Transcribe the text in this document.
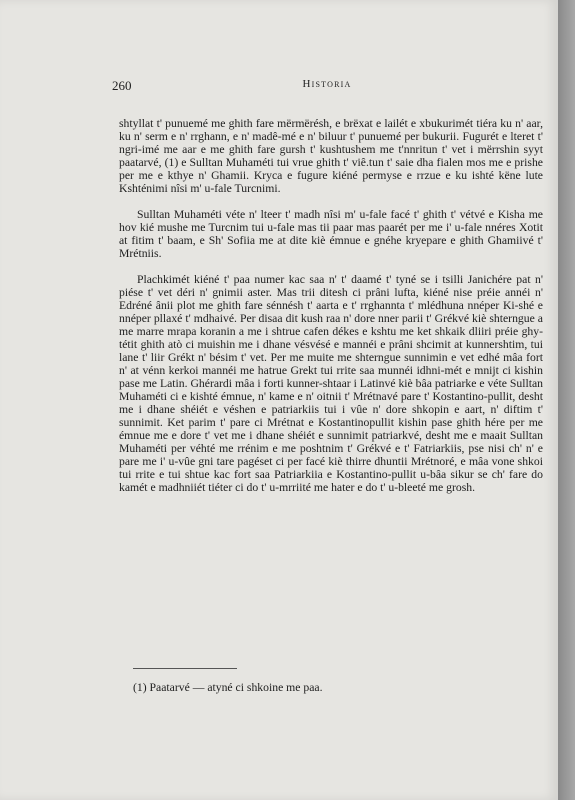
260	Historia

shtyllat t' punuemé me ghith fare mërmërésh, e brëxat e lailét e xbukurimét tiéra ku n' aar, ku n' serm e n' rrghann, e n' madê-mé e n' biluur t' punuemé per bukurii. Fugurét e lteret t' ngri-imé me aar e me ghith fare gursh t' kushtushem me t'nnritun t' vet i mërrshin syyt paatarvé, (1) e Sulltan Muhaméti tui vrue ghith t' viê.tun t' saie dha fialen mos me e prishe per me e kthye n' Ghamii. Kryca e fugure kiéné permyse e rrzue e ku ishté këne lute Kshténimi nîsi m' u-fale Turcnimi.

Sulltan Muhaméti véte n' lteer t' madh nîsi m' u-fale facé t' ghith t' vétvé e Kisha me hov kié mushe me Turcnim tui u-fale mas tii paar mas paarét per me i' u-fale nnéres Xotit at fitim t' baam, e Sh' Sofiia me at dite kiè émnue e gnéhe kryepare e ghith Ghamiivé t' Mrétniis.

Plachkimét kiéné t' paa numer kac saa n' t' daamé t' tyné se i tsilli Janichére pat n' piése t' vet déri n' gnimii aster. Mas trii ditesh ci prâni lufta, kiéné nise préie annéi n' Edréné ânii plot me ghith fare sénnésh t' aarta e t' rrghannta t' mlédhuna nnéper Ki-shé e nnéper pllaxé t' mdhaivé. Per disaa dit kush raa n' dore nner parii t' Grékvé kiè shterngue a me marre mrapa koranin a me i shtrue cafen dékes e kshtu me ket shkaik dliiri préie ghy-tétit ghith atò ci muishin me i dhane vésvésé e mannéi e prâni shcimit at kunnershtim, tui lane t' liir Grékt n' bésim t' vet. Per me muite me shterngue sunnimin e vet edhé mâa fort n' at vénn kerkoi mannéi me hatrue Grekt tui rrite saa munnéi idhni-mét e mnijt ci kishin pase me Latin. Ghérardi mâa i forti kunner-shtaar i Latinvé kiè bâa patriarke e véte Sulltan Muhaméti ci e kishté émnue, n' kame e n' oitnii t' Mrétnavé pare t' Kostantino-pullit, desht me i dhane shéiét e véshen e patriarkiis tui i vûe n' dore shkopin e aart, n' diftim t' sunnimit. Ket parim t' pare ci Mrétnat e Kostantinopullit kishin pase ghith hére per me émnue me e dore t' vet me i dhane shéiét e sunnimit patriarkvé, desht me e maait Sulltan Muhaméti per véhté me rrénim e me poshtnim t' Grékvé e t' Fatriarkiis, pse nisi ch' n' e pare me i' u-vûe gni tare pagéset ci per facé kiè thirre dhuntii Mrétnoré, e mâa vone shkoi tui rrite e tui shtue kac fort saa Patriarkiia e Kostantino-pullit u-bâa sikur se ch' fare do kamét e madhniiét tiéter ci do t' u-mrriité me hater e do t' u-bleeté me grosh.

(1) Paatarvé — atyné ci shkoine me paa.
